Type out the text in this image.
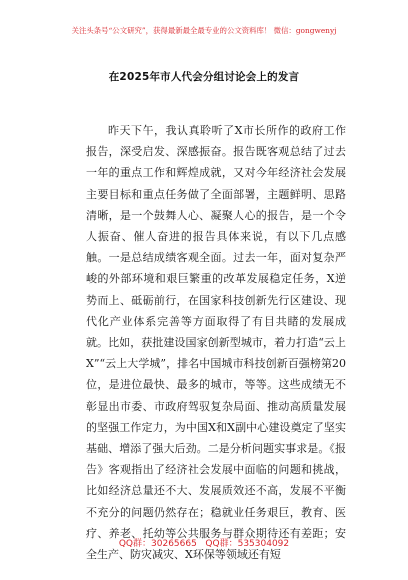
关注头条号“公文研究”，获得最新最全最专业的公文资料库！ 微信：gongwenyj
在2025年市人代会分组讨论会上的发言

昨天下午，我认真聆听了X市长所作的政府工作报告，深受启发、深感振奋。报告既客观总结了过去一年的重点工作和辉煌成就，又对今年经济社会发展主要目标和重点任务做了全面部署，主题鲜明、思路清晰，是一个鼓舞人心、凝聚人心的报告，是一个令人振奋、催人奋进的报告具体来说，有以下几点感触。一是总结成绩客观全面。过去一年，面对复杂严峻的外部环境和艰巨繁重的改革发展稳定任务，X逆势而上、砥砺前行，在国家科技创新先行区建设、现代化产业体系完善等方面取得了有目共睹的发展成就。比如，获批建设国家创新型城市，着力打造“云上X”“云上大学城”，排名中国城市科技创新百强榜第20位，是进位最快、最多的城市，等等。这些成绩无不彰显出市委、市政府驾驭复杂局面、推动高质量发展的坚强工作定力，为中国X和X副中心建设奠定了坚实基础、增添了强大后劲。二是分析问题实事求是。《报告》客观指出了经济社会发展中面临的问题和挑战，比如经济总量还不大、发展质效还不高，发展不平衡不充分的问题仍然存在；稳就业任务艰巨，教育、医疗、养老、托幼等公共服务与群众期待还有差距；安全生产、防灾减灾、X环保等领域还有短

QQ群：30265665 QQ群：535304092
